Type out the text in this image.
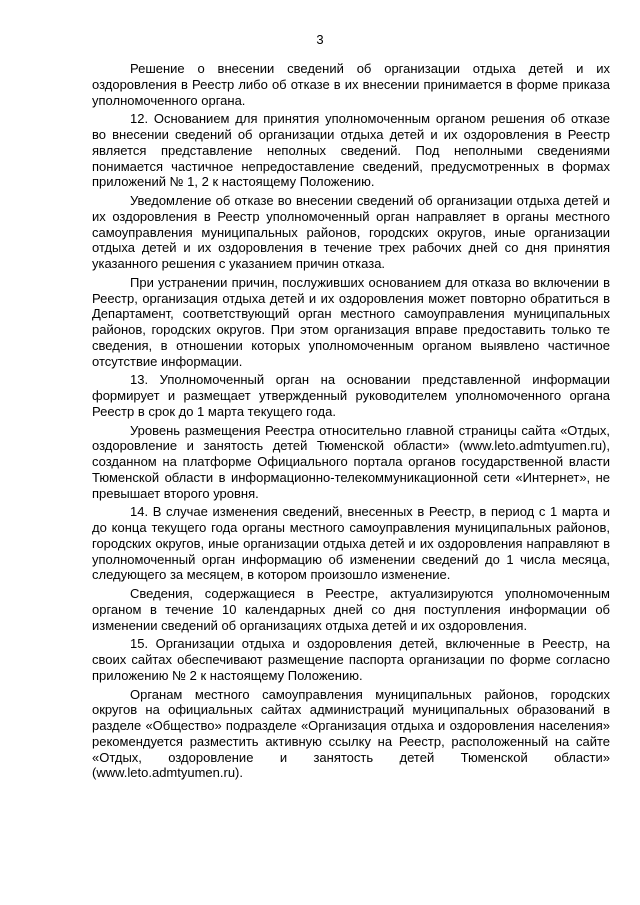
3

Решение о внесении сведений об организации отдыха детей и их оздоровления в Реестр либо об отказе в их внесении принимается в форме приказа уполномоченного органа.

12. Основанием для принятия уполномоченным органом решения об отказе во внесении сведений об организации отдыха детей и их оздоровления в Реестр является представление неполных сведений. Под неполными сведениями понимается частичное непредоставление сведений, предусмотренных в формах приложений № 1, 2 к настоящему Положению.

Уведомление об отказе во внесении сведений об организации отдыха детей и их оздоровления в Реестр уполномоченный орган направляет в органы местного самоуправления муниципальных районов, городских округов, иные организации отдыха детей и их оздоровления в течение трех рабочих дней со дня принятия указанного решения с указанием причин отказа.

При устранении причин, послуживших основанием для отказа во включении в Реестр, организация отдыха детей и их оздоровления может повторно обратиться в Департамент, соответствующий орган местного самоуправления муниципальных районов, городских округов. При этом организация вправе предоставить только те сведения, в отношении которых уполномоченным органом выявлено частичное отсутствие информации.

13. Уполномоченный орган на основании представленной информации формирует и размещает утвержденный руководителем уполномоченного органа Реестр в срок до 1 марта текущего года.

Уровень размещения Реестра относительно главной страницы сайта «Отдых, оздоровление и занятость детей Тюменской области» (www.leto.admtyumen.ru), созданном на платформе Официального портала органов государственной власти Тюменской области в информационно-телекоммуникационной сети «Интернет», не превышает второго уровня.

14. В случае изменения сведений, внесенных в Реестр, в период с 1 марта и до конца текущего года органы местного самоуправления муниципальных районов, городских округов, иные организации отдыха детей и их оздоровления направляют в уполномоченный орган информацию об изменении сведений до 1 числа месяца, следующего за месяцем, в котором произошло изменение.

Сведения, содержащиеся в Реестре, актуализируются уполномоченным органом в течение 10 календарных дней со дня поступления информации об изменении сведений об организациях отдыха детей и их оздоровления.

15. Организации отдыха и оздоровления детей, включенные в Реестр, на своих сайтах обеспечивают размещение паспорта организации по форме согласно приложению № 2 к настоящему Положению.

Органам местного самоуправления муниципальных районов, городских округов на официальных сайтах администраций муниципальных образований в разделе «Общество» подразделе «Организация отдыха и оздоровления населения» рекомендуется разместить активную ссылку на Реестр, расположенный на сайте «Отдых, оздоровление и занятость детей Тюменской области» (www.leto.admtyumen.ru).
